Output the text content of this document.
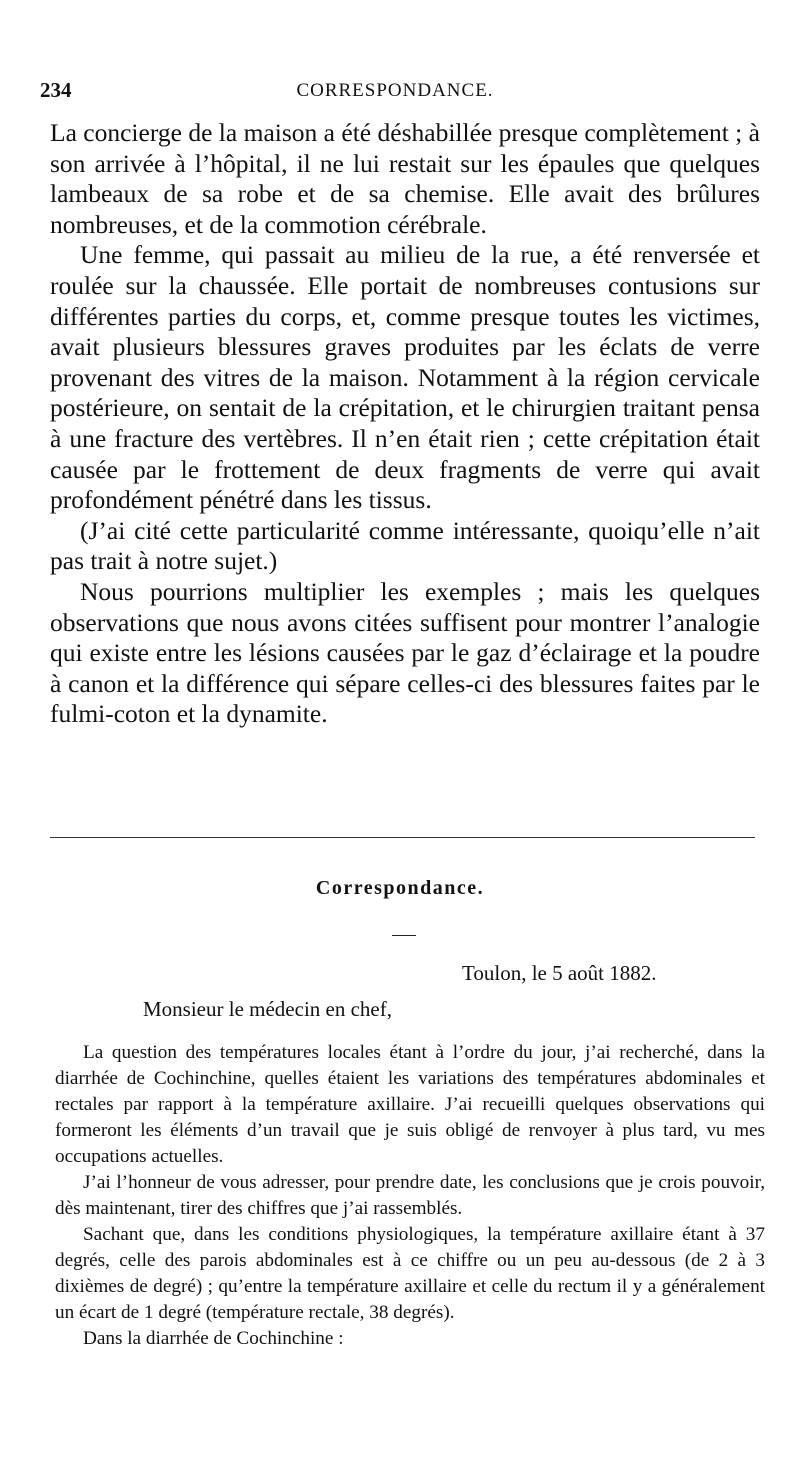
234	CORRESPONDANCE.

La concierge de la maison a été déshabillée presque complètement ; à son arrivée à l’hôpital, il ne lui restait sur les épaules que quelques lambeaux de sa robe et de sa chemise. Elle avait des brûlures nombreuses, et de la commotion cérébrale.

Une femme, qui passait au milieu de la rue, a été renversée et roulée sur la chaussée. Elle portait de nombreuses contusions sur différentes parties du corps, et, comme presque toutes les victimes, avait plusieurs blessures graves produites par les éclats de verre provenant des vitres de la maison. Notamment à la région cervicale postérieure, on sentait de la crépitation, et le chirurgien traitant pensa à une fracture des vertèbres. Il n’en était rien ; cette crépitation était causée par le frottement de deux fragments de verre qui avait profondément pénétré dans les tissus.

(J’ai cité cette particularité comme intéressante, quoiqu’elle n’ait pas trait à notre sujet.)

Nous pourrions multiplier les exemples ; mais les quelques observations que nous avons citées suffisent pour montrer l’analogie qui existe entre les lésions causées par le gaz d’éclairage et la poudre à canon et la différence qui sépare celles-ci des blessures faites par le fulmi-coton et la dynamite.

Correspondance.
Toulon, le 5 août 1882.
Monsieur le médecin en chef,

La question des températures locales étant à l’ordre du jour, j’ai recherché, dans la diarrhée de Cochinchine, quelles étaient les variations des températures abdominales et rectales par rapport à la température axillaire. J’ai recueilli quelques observations qui formeront les éléments d’un travail que je suis obligé de renvoyer à plus tard, vu mes occupations actuelles.

J’ai l’honneur de vous adresser, pour prendre date, les conclusions que je crois pouvoir, dès maintenant, tirer des chiffres que j’ai rassemblés.

Sachant que, dans les conditions physiologiques, la température axillaire étant à 37 degrés, celle des parois abdominales est à ce chiffre ou un peu au-dessous (de 2 à 3 dixièmes de degré) ; qu’entre la température axillaire et celle du rectum il y a généralement un écart de 1 degré (température rectale, 38 degrés).

Dans la diarrhée de Cochinchine :
